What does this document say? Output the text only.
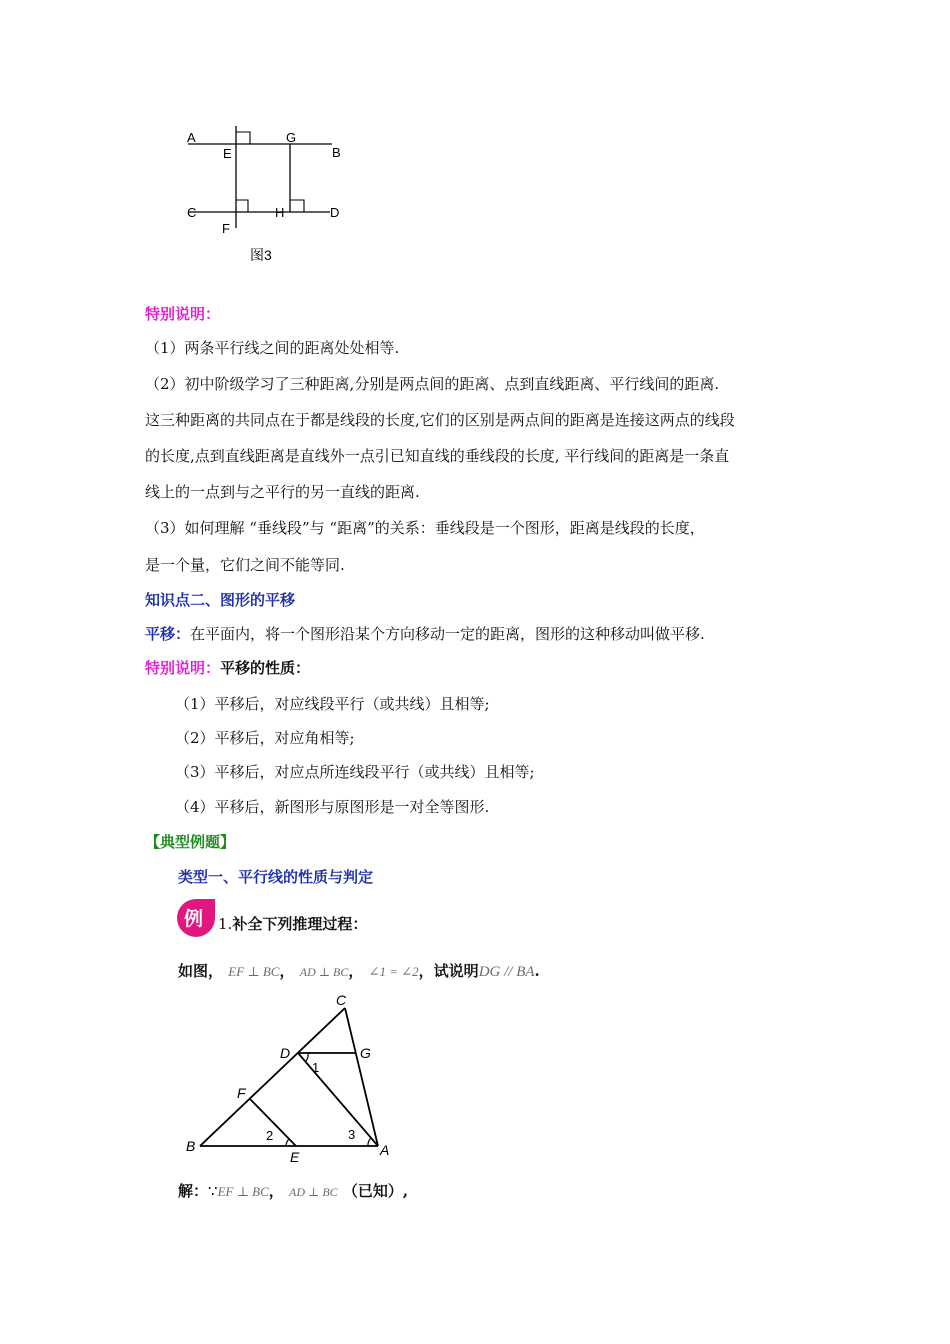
A
E
G
B
C	H	D
F
图3
特别说明：
（1）两条平行线之间的距离处处相等.
（2）初中阶级学习了三种距离,分别是两点间的距离、点到直线距离、平行线间的距离.
这三种距离的共同点在于都是线段的长度,它们的区别是两点间的距离是连接这两点的线段
的长度,点到直线距离是直线外一点引已知直线的垂线段的长度, 平行线间的距离是一条直
线上的一点到与之平行的另一直线的距离.
（3）如何理解 “垂线段”与 “距离”的关系：垂线段是一个图形，距离是线段的长度，
是一个量，它们之间不能等同.
知识点二、图形的平移
平移：在平面内，将一个图形沿某个方向移动一定的距离，图形的这种移动叫做平移.
特别说明：平移的性质：
（1）平移后，对应线段平行（或共线）且相等;
（2）平移后，对应角相等;
（3）平移后，对应点所连线段平行（或共线）且相等;
（4）平移后，新图形与原图形是一对全等图形.
【典型例题】
类型一、平行线的性质与判定
例 1.补全下列推理过程：
如图， EF ⊥ BC， AD ⊥ BC， ∠1 = ∠2，试说明DG // BA.
C
D	G
1
F
2	3
B
E	A
解：∵EF ⊥ BC， AD ⊥ BC （已知）,
